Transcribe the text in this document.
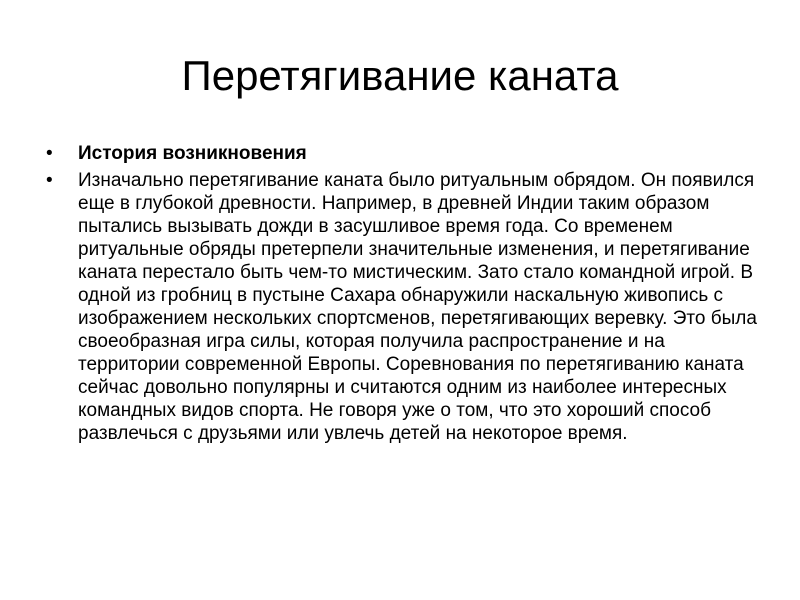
Перетягивание каната
• История возникновения
• Изначально перетягивание каната было ритуальным обрядом. Он появился еще в глубокой древности. Например, в древней Индии таким образом пытались вызывать дожди в засушливое время года. Со временем ритуальные обряды претерпели значительные изменения, и перетягивание каната перестало быть чем-то мистическим. Зато стало командной игрой. В одной из гробниц в пустыне Сахара обнаружили наскальную живопись с изображением нескольких спортсменов, перетягивающих веревку. Это была своеобразная игра силы, которая получила распространение и на территории современной Европы. Соревнования по перетягиванию каната сейчас довольно популярны и считаются одним из наиболее интересных командных видов спорта. Не говоря уже о том, что это хороший способ развлечься с друзьями или увлечь детей на некоторое время.
